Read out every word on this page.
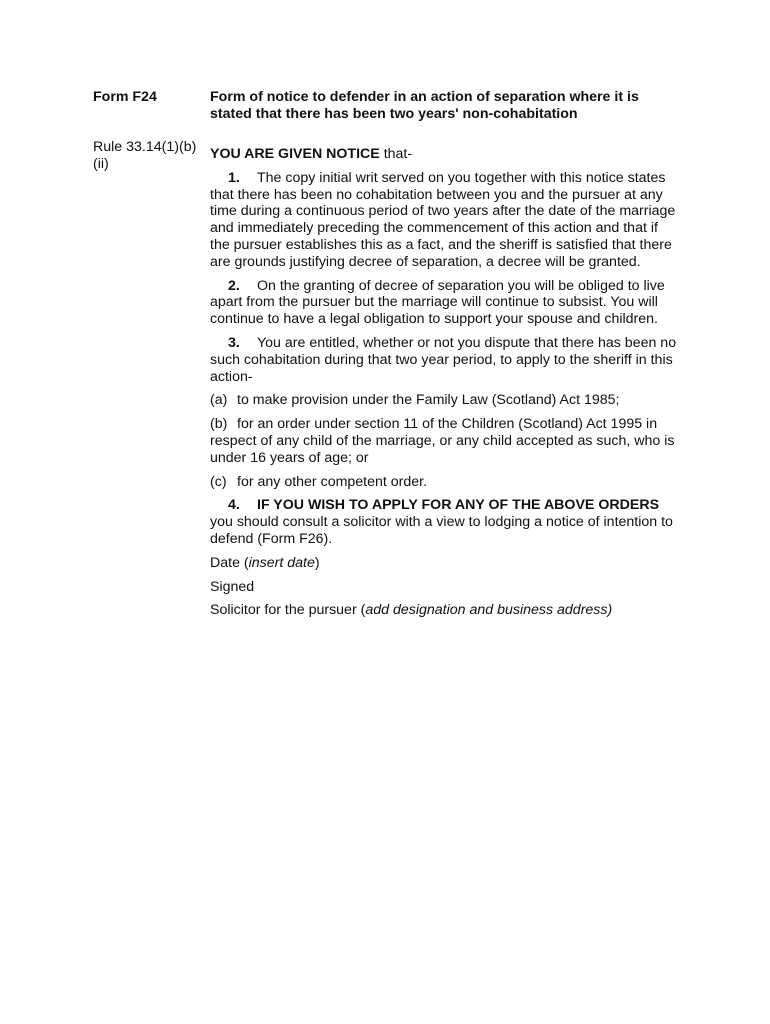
Form F24	Form of notice to defender in an action of separation where it is stated that there has been two years' non-cohabitation
Rule 33.14(1)(b)(ii)

YOU ARE GIVEN NOTICE that-

1. The copy initial writ served on you together with this notice states that there has been no cohabitation between you and the pursuer at any time during a continuous period of two years after the date of the marriage and immediately preceding the commencement of this action and that if the pursuer establishes this as a fact, and the sheriff is satisfied that there are grounds justifying decree of separation, a decree will be granted.

2. On the granting of decree of separation you will be obliged to live apart from the pursuer but the marriage will continue to subsist. You will continue to have a legal obligation to support your spouse and children.

3. You are entitled, whether or not you dispute that there has been no such cohabitation during that two year period, to apply to the sheriff in this action-

(a) to make provision under the Family Law (Scotland) Act 1985;

(b) for an order under section 11 of the Children (Scotland) Act 1995 in respect of any child of the marriage, or any child accepted as such, who is under 16 years of age; or

(c) for any other competent order.

4. IF YOU WISH TO APPLY FOR ANY OF THE ABOVE ORDERS you should consult a solicitor with a view to lodging a notice of intention to defend (Form F26).

Date (insert date)

Signed

Solicitor for the pursuer (add designation and business address)
